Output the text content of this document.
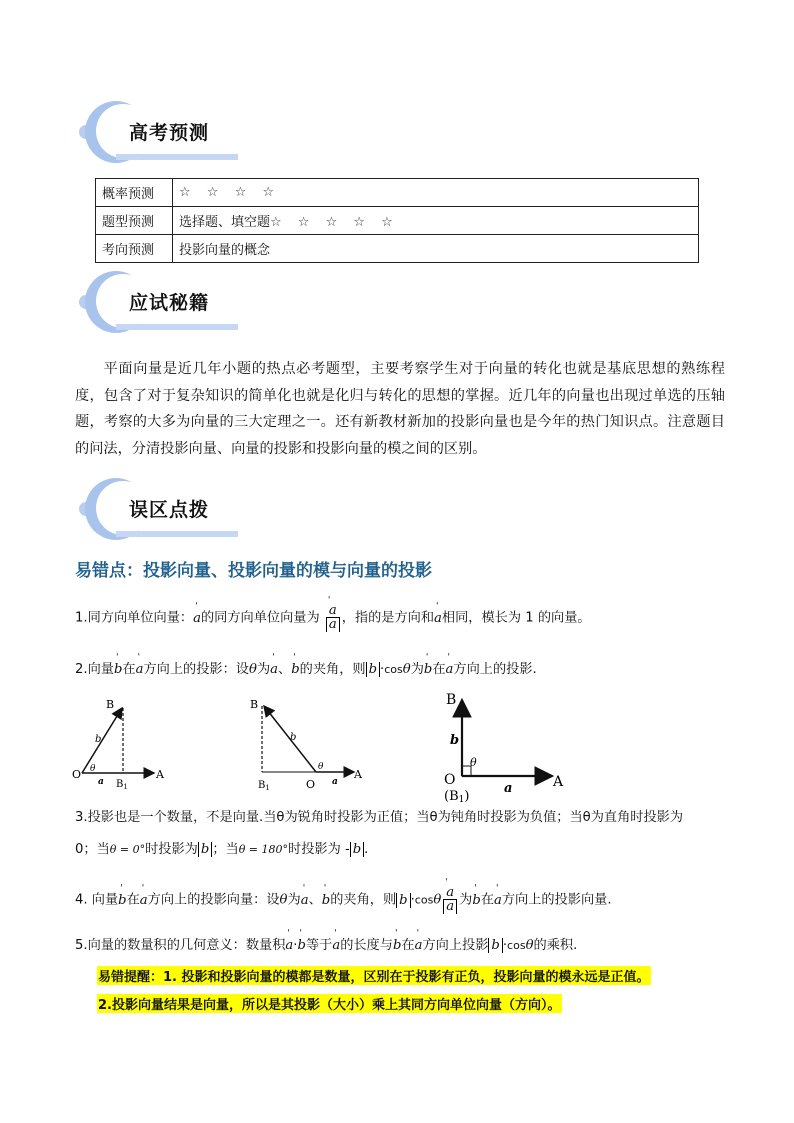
高考预测
概率预测	☆ ☆ ☆ ☆
题型预测	选择题、填空题☆ ☆ ☆ ☆ ☆
考向预测	投影向量的概念
应试秘籍
平面向量是近几年小题的热点必考题型，主要考察学生对于向量的转化也就是基底思想的熟练程度，包含了对于复杂知识的简单化也就是化归与转化的思想的掌握。近几年的向量也出现过单选的压轴题，考察的大多为向量的三大定理之一。还有新教材新加的投影向量也是今年的热门知识点。注意题目的问法，分清投影向量、向量的投影和投影向量的模之间的区别。
误区点拨
易错点：投影向量、投影向量的模与向量的投影
1.同方向单位向量：' a的同方向单位向量为 ' $\frac{a}{a}$ ，指的是方向和' a相同，模长为 1 的向量。
2.向量' b在' a方向上的投影：设θ为' a、' b的夹角，则 b ·cosθ为' b在' a方向上的投影.
B
O	A
$B_1$
b
a
θ
B
O
A
$B_1$
b
a
θ
B
O	A
(B1)
b
a
θ
3.投影也是一个数量，不是向量.当θ为锐角时投影为正值；当θ为钝角时投影为负值；当θ为直角时投影为
0；当θ = 0°时投影为 b ；当θ = 180°时投影为 - b .
4. 向量' b在' a方向上的投影向量：设θ为' a、' b的夹角，则 b ·cosθ ' $\frac{a}{a}$ 为' b在' a方向上的投影向量.
5.向量的数量积的几何意义：数量积' a·' b等于' a的长度与' b在' a方向上投影 b ·cosθ的乘积.
易错提醒：1. 投影和投影向量的模都是数量，区别在于投影有正负，投影向量的模永远是正值。
2.投影向量结果是向量，所以是其投影（大小）乘上其同方向单位向量（方向）。
